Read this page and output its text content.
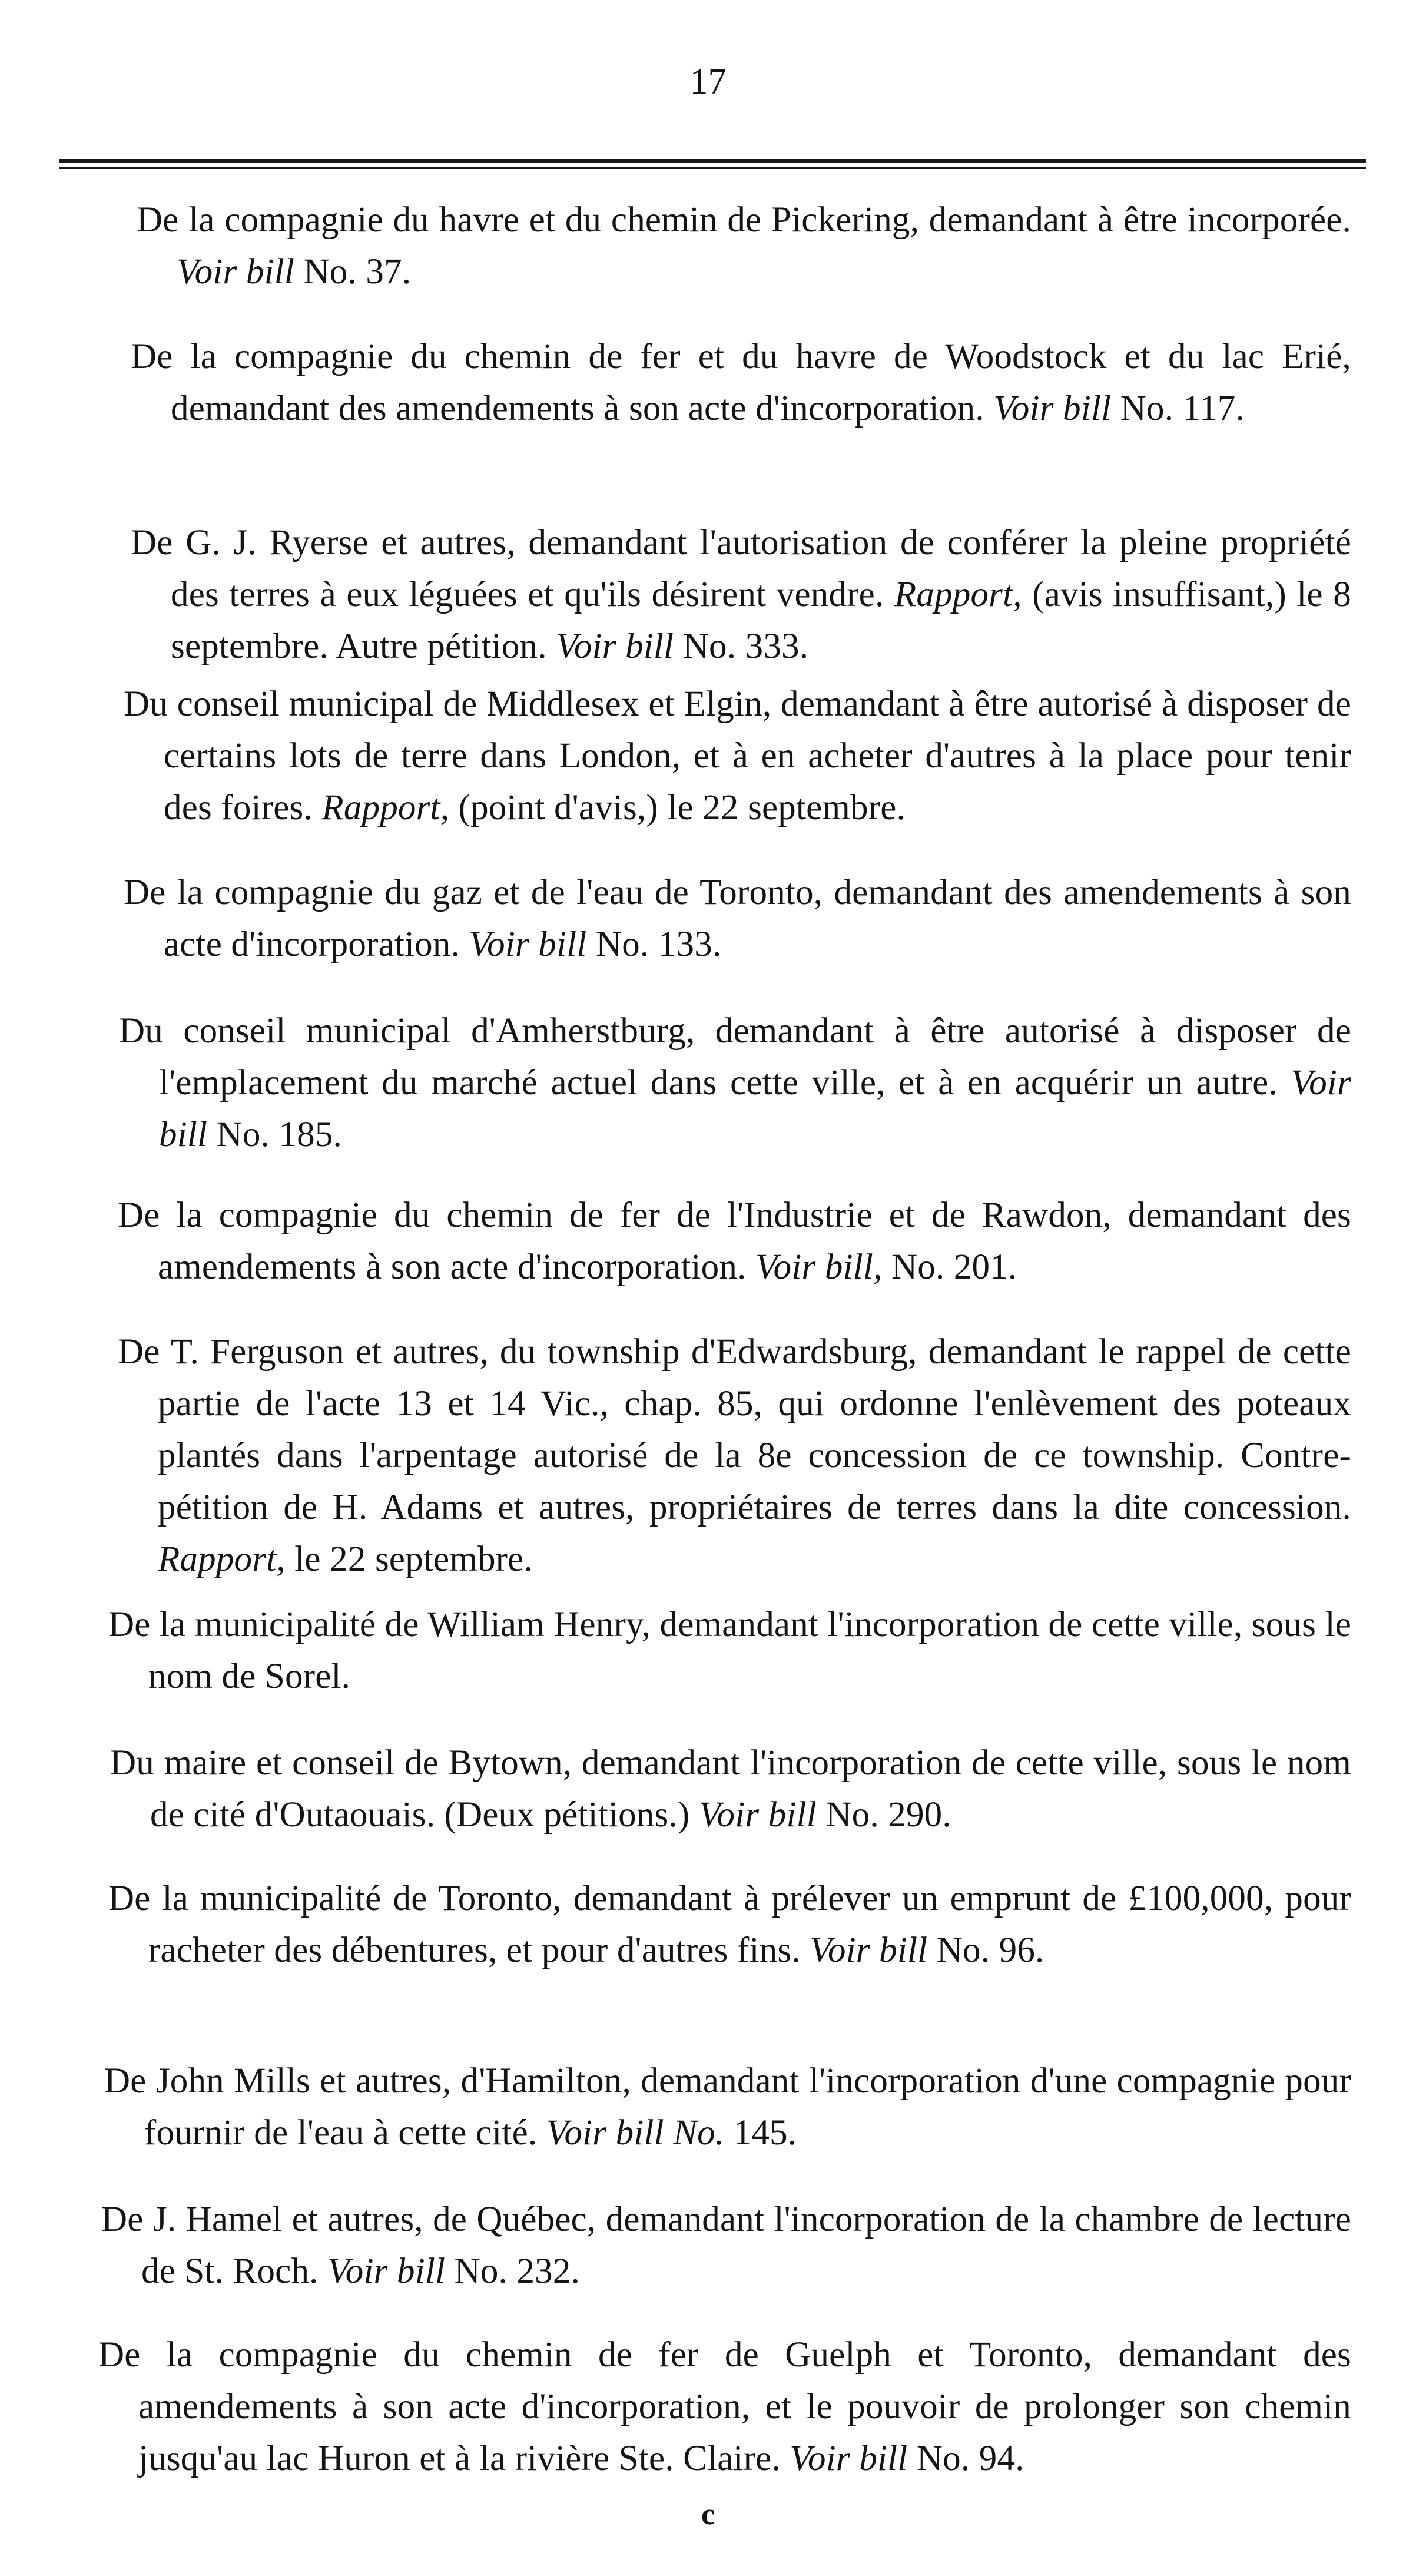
17

De la compagnie du havre et du chemin de Pickering, demandant à être incorporée. Voir bill No. 37.

De la compagnie du chemin de fer et du havre de Woodstock et du lac Erié, demandant des amendements à son acte d'incorporation. Voir bill No. 117.

De G. J. Ryerse et autres, demandant l'autorisation de conférer la pleine propriété des terres à eux léguées et qu'ils désirent vendre. Rapport, (avis insuffisant,) le 8 septembre. Autre pétition. Voir bill No. 333.

Du conseil municipal de Middlesex et Elgin, demandant à être autorisé à disposer de certains lots de terre dans London, et à en acheter d'autres à la place pour tenir des foires. Rapport, (point d'avis,) le 22 septembre.

De la compagnie du gaz et de l'eau de Toronto, demandant des amendements à son acte d'incorporation. Voir bill No. 133.

Du conseil municipal d'Amherstburg, demandant à être autorisé à disposer de l'emplacement du marché actuel dans cette ville, et à en acquérir un autre. Voir bill No. 185.

De la compagnie du chemin de fer de l'Industrie et de Rawdon, demandant des amendements à son acte d'incorporation. Voir bill, No. 201.

De T. Ferguson et autres, du township d'Edwardsburg, demandant le rappel de cette partie de l'acte 13 et 14 Vic., chap. 85, qui ordonne l'enlèvement des poteaux plantés dans l'arpentage autorisé de la 8e concession de ce township. Contre-pétition de H. Adams et autres, propriétaires de terres dans la dite concession. Rapport, le 22 septembre.

De la municipalité de William Henry, demandant l'incorporation de cette ville, sous le nom de Sorel.

Du maire et conseil de Bytown, demandant l'incorporation de cette ville, sous le nom de cité d'Outaouais. (Deux pétitions.) Voir bill No. 290.

De la municipalité de Toronto, demandant à prélever un emprunt de £100,000, pour racheter des débentures, et pour d'autres fins. Voir bill No. 96.

De John Mills et autres, d'Hamilton, demandant l'incorporation d'une compagnie pour fournir de l'eau à cette cité. Voir bill No. 145.

De J. Hamel et autres, de Québec, demandant l'incorporation de la chambre de lecture de St. Roch. Voir bill No. 232.

De la compagnie du chemin de fer de Guelph et Toronto, demandant des amendements à son acte d'incorporation, et le pouvoir de prolonger son chemin jusqu'au lac Huron et à la rivière Ste. Claire. Voir bill No. 94.

c
